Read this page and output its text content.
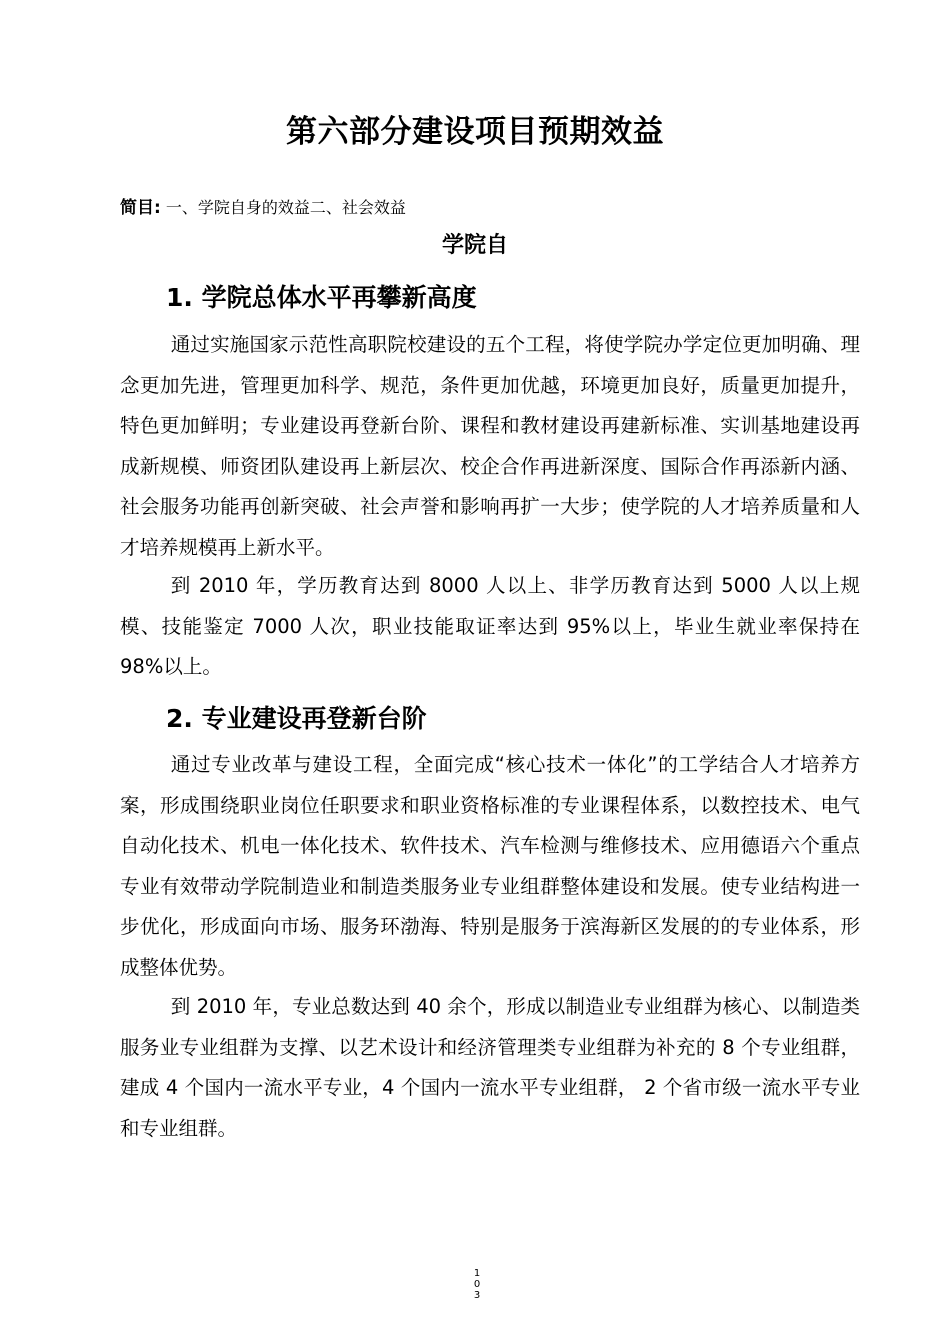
第六部分建设项目预期效益
简目: 一、学院自身的效益二、社会效益
学院自
1. 学院总体水平再攀新高度

通过实施国家示范性高职院校建设的五个工程，将使学院办学定位更加明确、理念更加先进，管理更加科学、规范，条件更加优越，环境更加良好，质量更加提升，特色更加鲜明；专业建设再登新台阶、课程和教材建设再建新标准、实训基地建设再成新规模、师资团队建设再上新层次、校企合作再进新深度、国际合作再添新内涵、社会服务功能再创新突破、社会声誉和影响再扩一大步；使学院的人才培养质量和人才培养规模再上新水平。

到 2010 年，学历教育达到 8000 人以上、非学历教育达到 5000 人以上规模、技能鉴定 7000 人次，职业技能取证率达到 95%以上，毕业生就业率保持在 98%以上。

2. 专业建设再登新台阶

通过专业改革与建设工程，全面完成“核心技术一体化”的工学结合人才培养方案，形成围绕职业岗位任职要求和职业资格标准的专业课程体系，以数控技术、电气自动化技术、机电一体化技术、软件技术、汽车检测与维修技术、应用德语六个重点专业有效带动学院制造业和制造类服务业专业组群整体建设和发展。使专业结构进一步优化，形成面向市场、服务环渤海、特别是服务于滨海新区发展的的专业体系，形成整体优势。

到 2010 年，专业总数达到 40 余个，形成以制造业专业组群为核心、以制造类服务业专业组群为支撑、以艺术设计和经济管理类专业组群为补充的 8 个专业组群，建成 4 个国内一流水平专业，4 个国内一流水平专业组群， 2 个省市级一流水平专业和专业组群。

1
0
3
